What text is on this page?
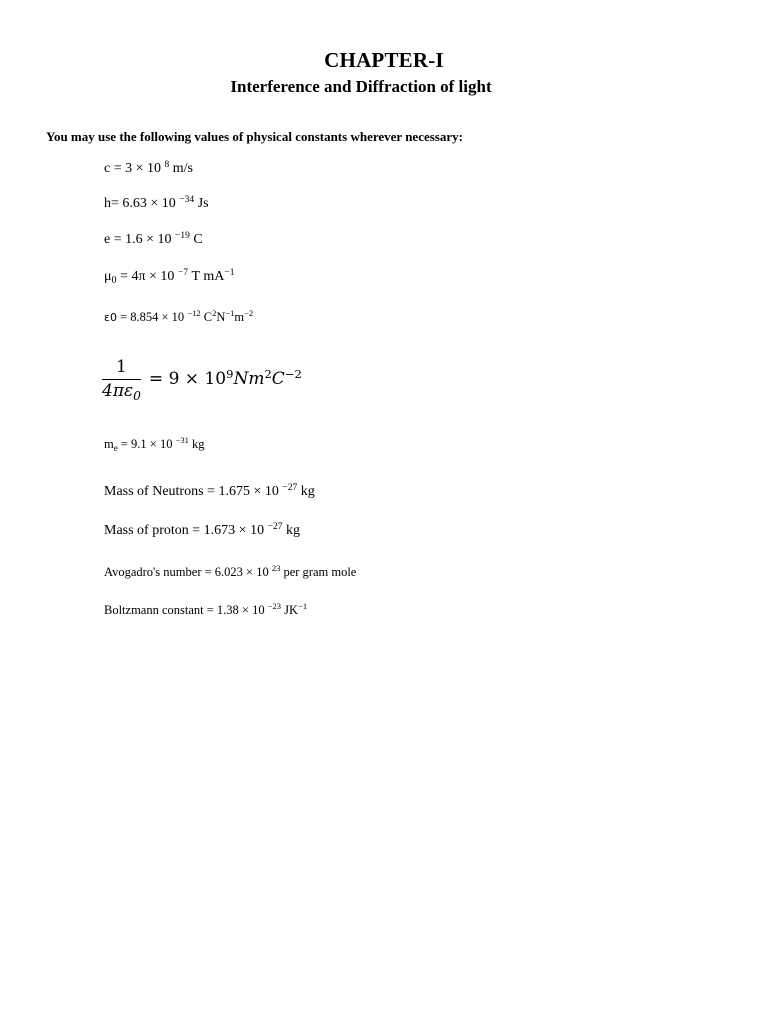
CHAPTER-I
Interference and Diffraction of light
You may use the following values of physical constants wherever necessary:
c = 3 × 10 $^8$ m/s
h= 6.63 × 10 $^{-34}$ Js
e = 1.6 × 10 $^{-19}$ C
$\mu_0 = 4\pi \times 10$ $^{-7}$ T $mA^{-1}$
ε0 = 8.854 × 10 $^{-12}$ $C^2N^{-1}m^{-2}$
$\frac{1}{4\pi\varepsilon_0} = 9 \times 10^9Nm^2C^{-2}$
$m_e = 9.1 \times 10$ $^{-31}$ kg
Mass of Neutrons = 1.675 × 10 $^{-27}$ kg
Mass of proton = 1.673 × 10 $^{-27}$ kg
Avogadro's number = 6.023 × 10 $^{23}$ per gram mole
Boltzmann constant = 1.38 × 10 $^{-23}$ $JK^{-1}$
